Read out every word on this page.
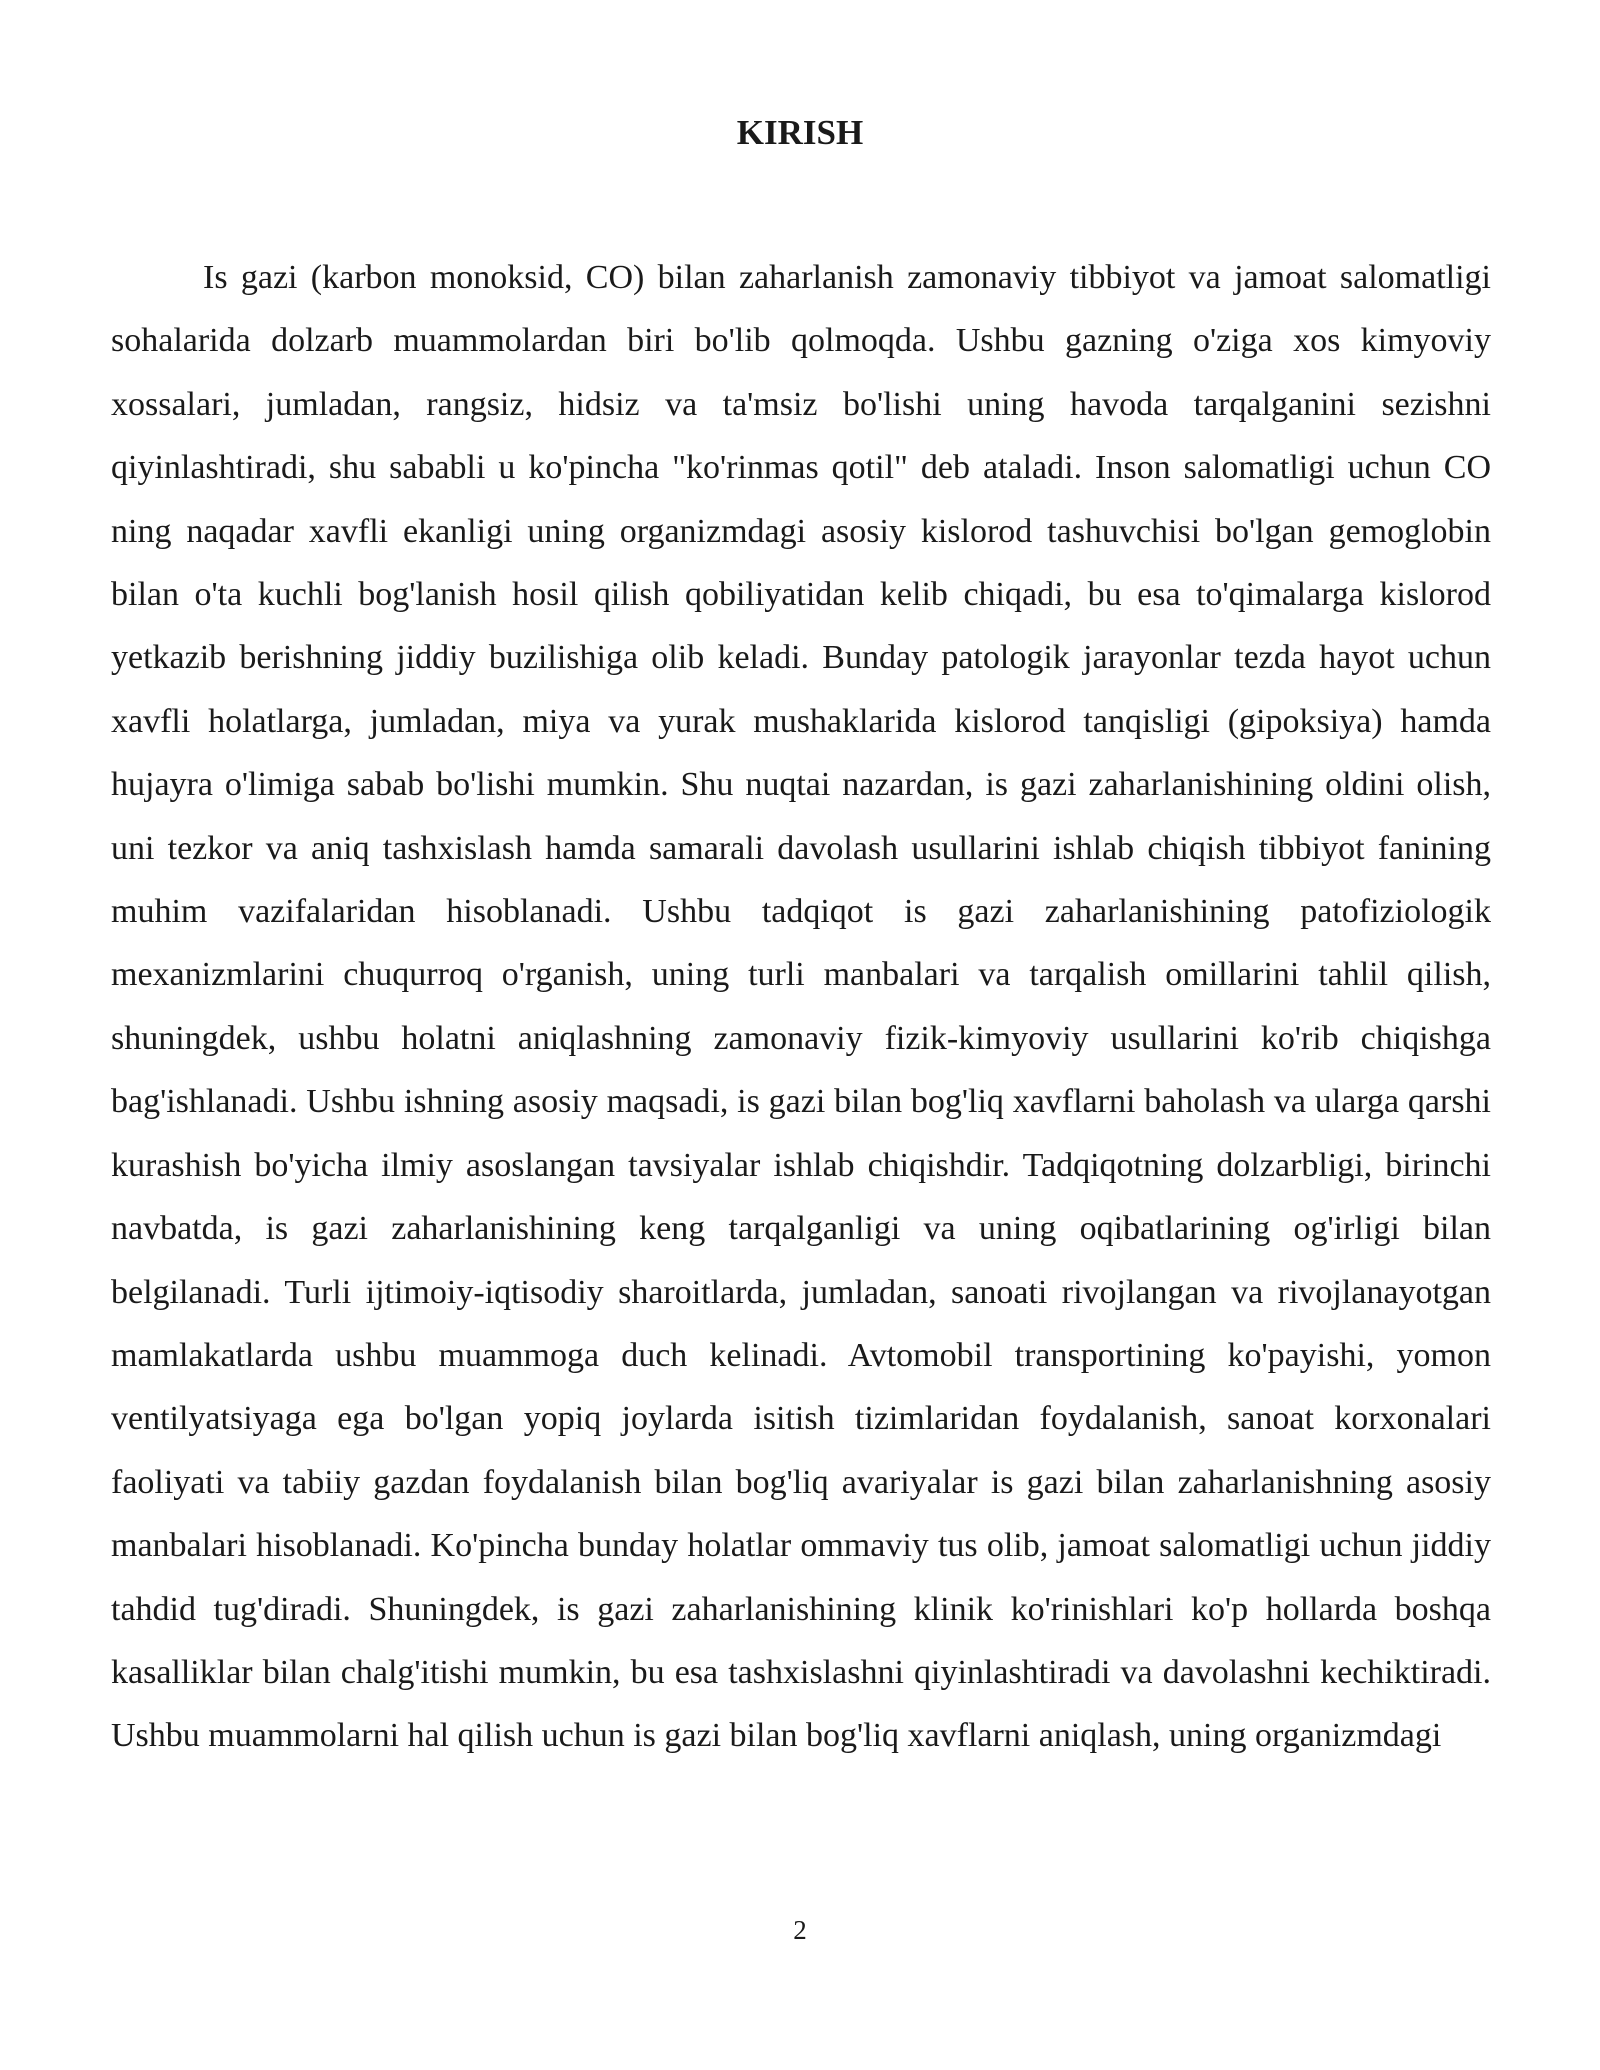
KIRISH

Is gazi (karbon monoksid, CO) bilan zaharlanish zamonaviy tibbiyot va jamoat salomatligi sohalarida dolzarb muammolardan biri bo'lib qolmoqda. Ushbu gazning o'ziga xos kimyoviy xossalari, jumladan, rangsiz, hidsiz va ta'msiz bo'lishi uning havoda tarqalganini sezishni qiyinlashtiradi, shu sababli u ko'pincha "ko'rinmas qotil" deb ataladi. Inson salomatligi uchun CO ning naqadar xavfli ekanligi uning organizmdagi asosiy kislorod tashuvchisi bo'lgan gemoglobin bilan o'ta kuchli bog'lanish hosil qilish qobiliyatidan kelib chiqadi, bu esa to'qimalarga kislorod yetkazib berishning jiddiy buzilishiga olib keladi. Bunday patologik jarayonlar tezda hayot uchun xavfli holatlarga, jumladan, miya va yurak mushaklarida kislorod tanqisligi (gipoksiya) hamda hujayra o'limiga sabab bo'lishi mumkin. Shu nuqtai nazardan, is gazi zaharlanishining oldini olish, uni tezkor va aniq tashxislash hamda samarali davolash usullarini ishlab chiqish tibbiyot fanining muhim vazifalaridan hisoblanadi. Ushbu tadqiqot is gazi zaharlanishining patofiziologik mexanizmlarini chuqurroq o'rganish, uning turli manbalari va tarqalish omillarini tahlil qilish, shuningdek, ushbu holatni aniqlashning zamonaviy fizik-kimyoviy usullarini ko'rib chiqishga bag'ishlanadi. Ushbu ishning asosiy maqsadi, is gazi bilan bog'liq xavflarni baholash va ularga qarshi kurashish bo'yicha ilmiy asoslangan tavsiyalar ishlab chiqishdir. Tadqiqotning dolzarbligi, birinchi navbatda, is gazi zaharlanishining keng tarqalganligi va uning oqibatlarining og'irligi bilan belgilanadi. Turli ijtimoiy-iqtisodiy sharoitlarda, jumladan, sanoati rivojlangan va rivojlanayotgan mamlakatlarda ushbu muammoga duch kelinadi. Avtomobil transportining ko'payishi, yomon ventilyatsiyaga ega bo'lgan yopiq joylarda isitish tizimlaridan foydalanish, sanoat korxonalari faoliyati va tabiiy gazdan foydalanish bilan bog'liq avariyalar is gazi bilan zaharlanishning asosiy manbalari hisoblanadi. Ko'pincha bunday holatlar ommaviy tus olib, jamoat salomatligi uchun jiddiy tahdid tug'diradi. Shuningdek, is gazi zaharlanishining klinik ko'rinishlari ko'p hollarda boshqa kasalliklar bilan chalg'itishi mumkin, bu esa tashxislashni qiyinlashtiradi va davolashni kechiktiradi. Ushbu muammolarni hal qilish uchun is gazi bilan bog'liq xavflarni aniqlash, uning organizmdagi

2
